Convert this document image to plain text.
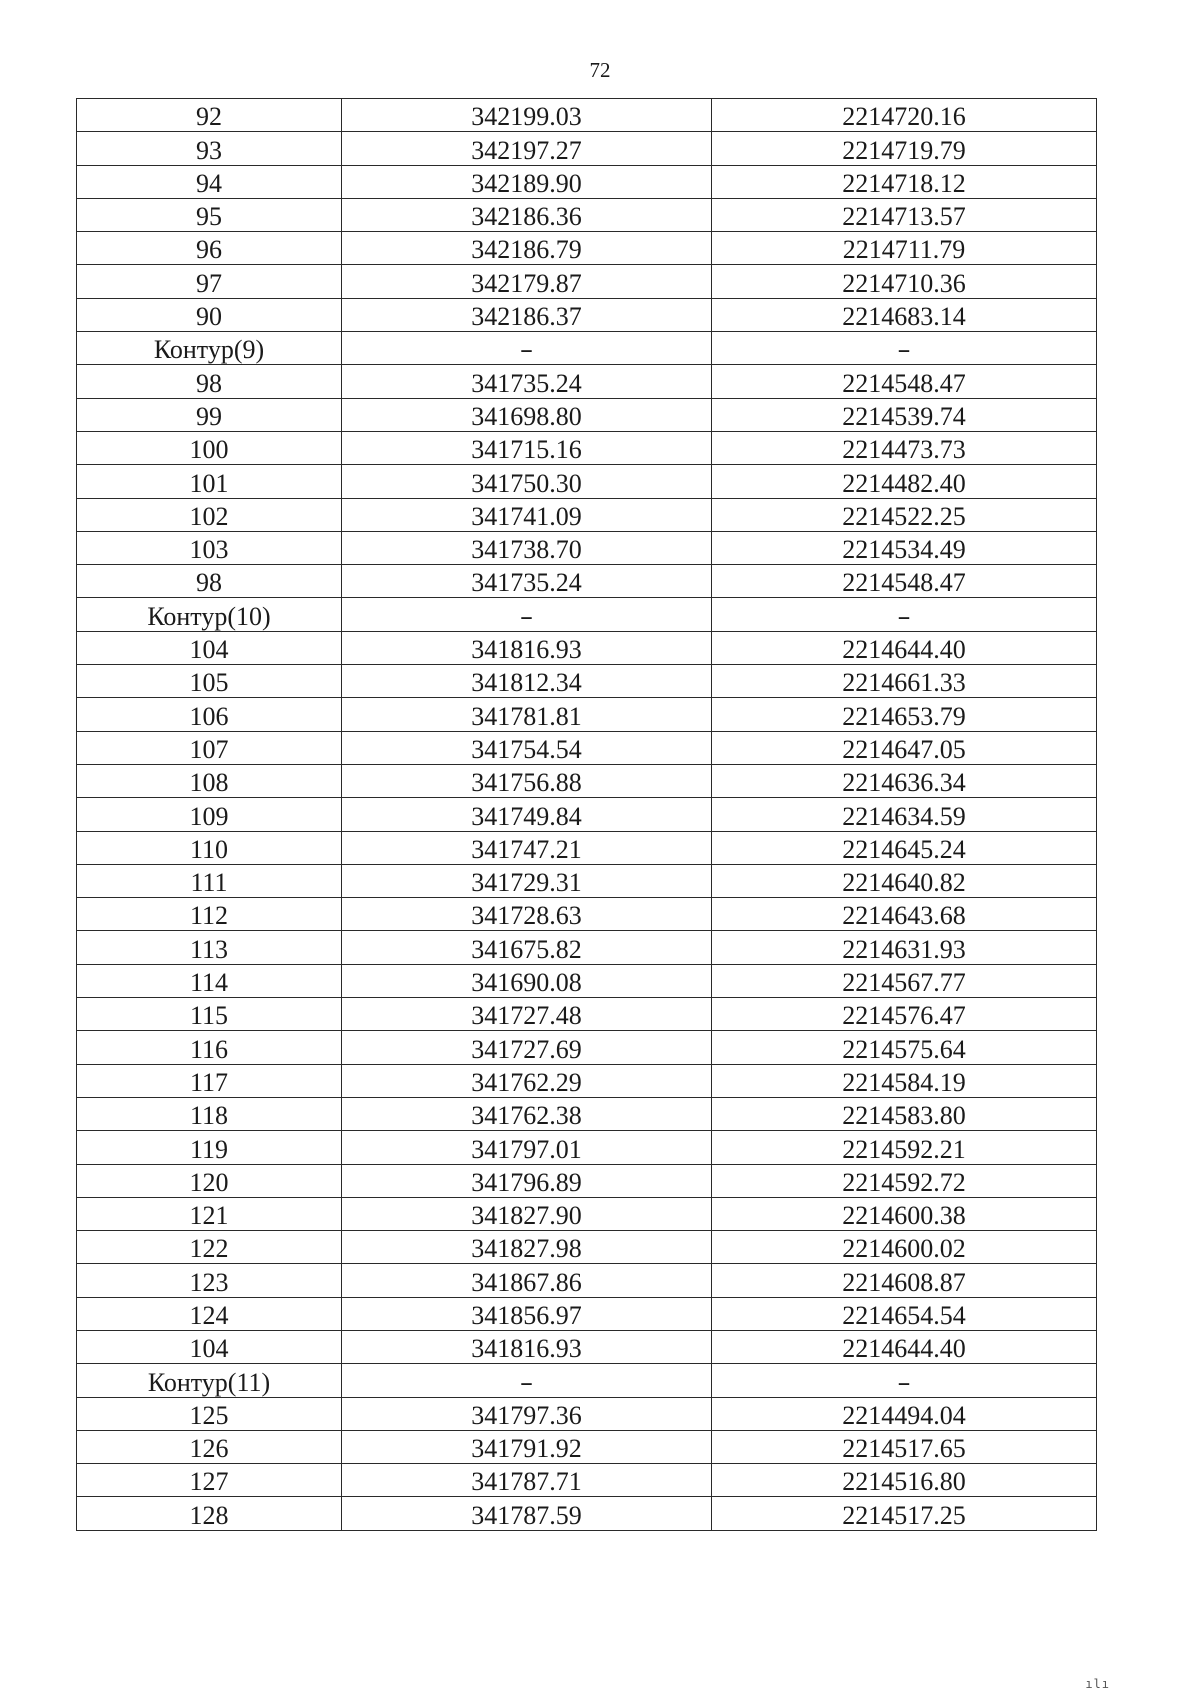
72
92	342199.03	2214720.16
93	342197.27	2214719.79
94	342189.90	2214718.12
95	342186.36	2214713.57
96	342186.79	2214711.79
97	342179.87	2214710.36
90	342186.37	2214683.14
Контур(9)	–	–
98	341735.24	2214548.47
99	341698.80	2214539.74
100	341715.16	2214473.73
101	341750.30	2214482.40
102	341741.09	2214522.25
103	341738.70	2214534.49
98	341735.24	2214548.47
Контур(10)	–	–
104	341816.93	2214644.40
105	341812.34	2214661.33
106	341781.81	2214653.79
107	341754.54	2214647.05
108	341756.88	2214636.34
109	341749.84	2214634.59
110	341747.21	2214645.24
111	341729.31	2214640.82
112	341728.63	2214643.68
113	341675.82	2214631.93
114	341690.08	2214567.77
115	341727.48	2214576.47
116	341727.69	2214575.64
117	341762.29	2214584.19
118	341762.38	2214583.80
119	341797.01	2214592.21
120	341796.89	2214592.72
121	341827.90	2214600.38
122	341827.98	2214600.02
123	341867.86	2214608.87
124	341856.97	2214654.54
104	341816.93	2214644.40
Контур(11)	–	–
125	341797.36	2214494.04
126	341791.92	2214517.65
127	341787.71	2214516.80
128	341787.59	2214517.25
ılı
